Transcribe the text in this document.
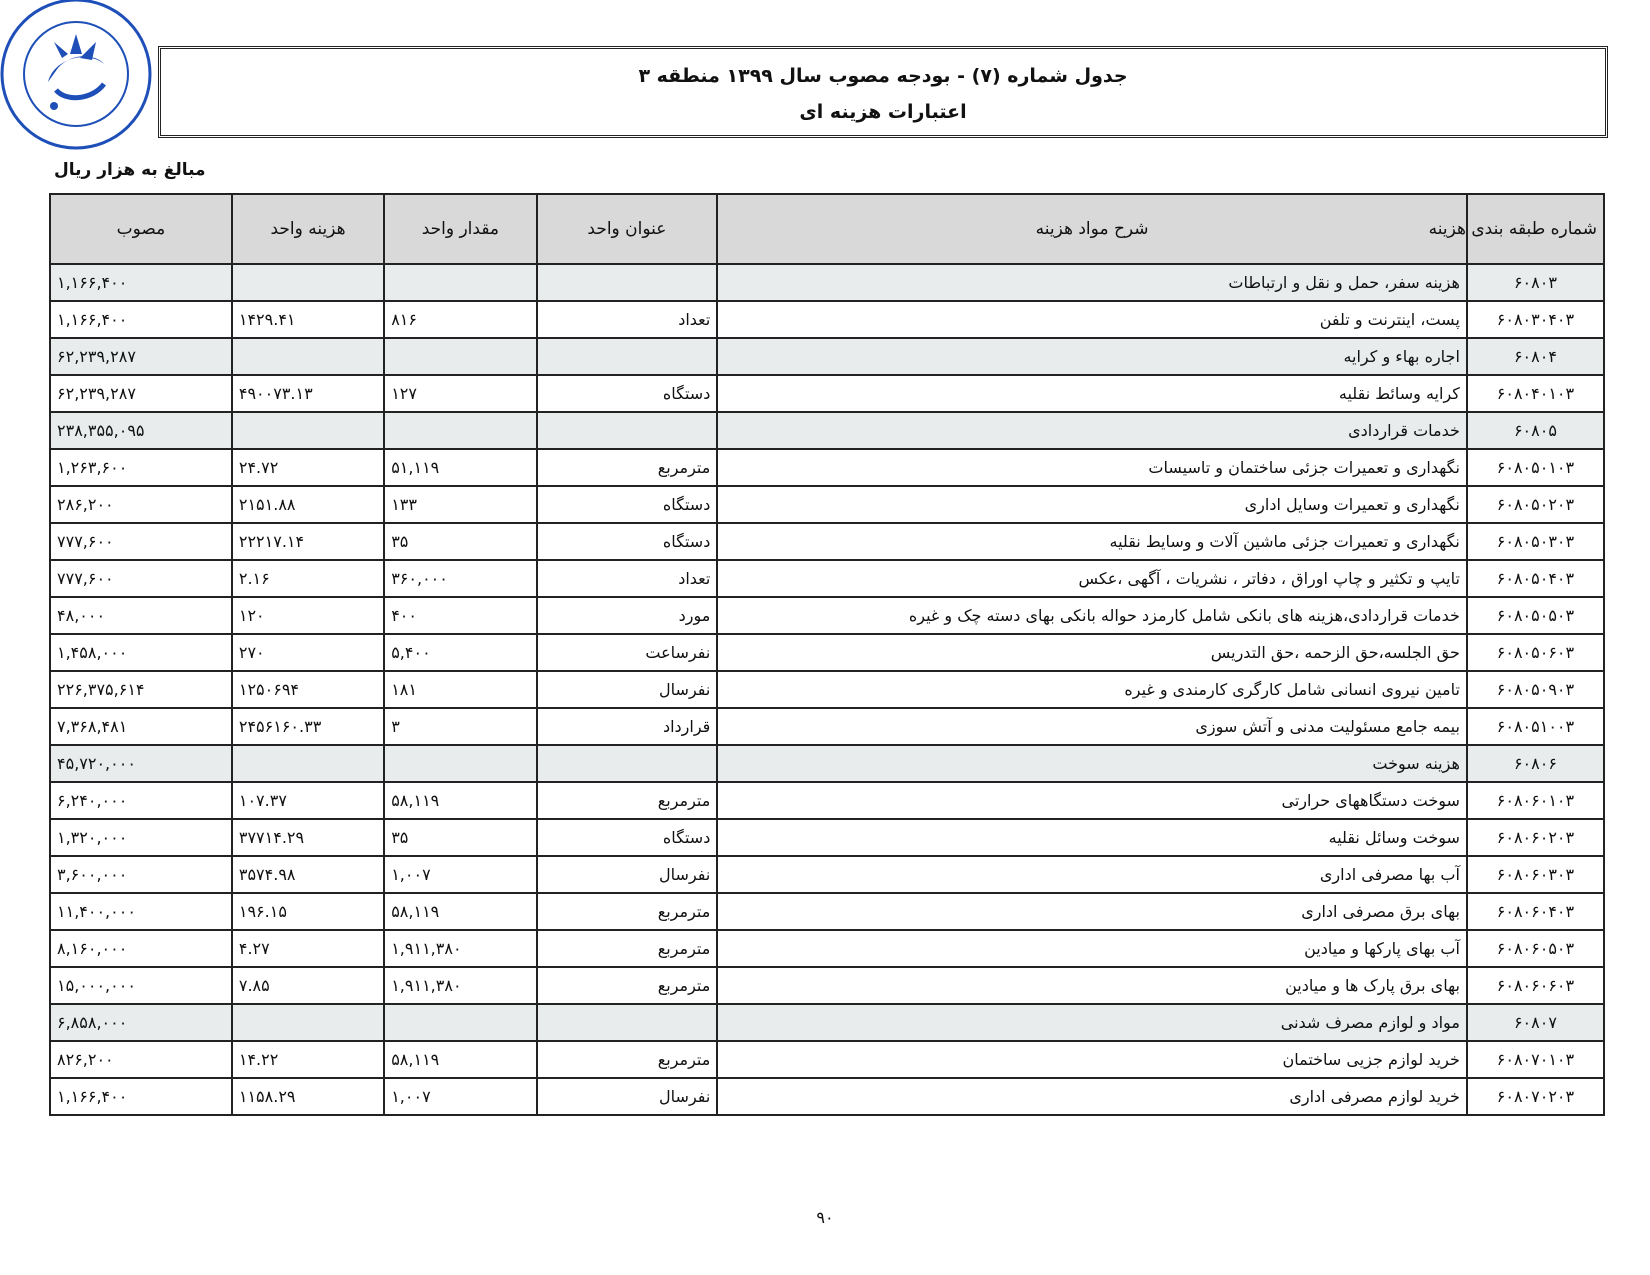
جدول شماره (۷) - بودجه مصوب سال ۱۳۹۹ منطقه ۳
اعتبارات هزینه ای
مبالغ به هزار ریال
شماره طبقه بندی هزینه	شرح مواد هزینه	عنوان واحد	مقدار واحد	هزینه واحد	مصوب
۶۰۸۰۳	هزینه سفر، حمل و نقل و ارتباطات				۱,۱۶۶,۴۰۰
۶۰۸۰۳۰۴۰۳	پست، اینترنت و تلفن	تعداد	۸۱۶	۱۴۲۹.۴۱	۱,۱۶۶,۴۰۰
۶۰۸۰۴	اجاره بهاء و کرایه				۶۲,۲۳۹,۲۸۷
۶۰۸۰۴۰۱۰۳	کرایه وسائط نقلیه	دستگاه	۱۲۷	۴۹۰۰۷۳.۱۳	۶۲,۲۳۹,۲۸۷
۶۰۸۰۵	خدمات قراردادی				۲۳۸,۳۵۵,۰۹۵
۶۰۸۰۵۰۱۰۳	نگهداری و تعمیرات جزئی ساختمان و تاسیسات	مترمربع	۵۱,۱۱۹	۲۴.۷۲	۱,۲۶۳,۶۰۰
۶۰۸۰۵۰۲۰۳	نگهداری و تعمیرات وسایل اداری	دستگاه	۱۳۳	۲۱۵۱.۸۸	۲۸۶,۲۰۰
۶۰۸۰۵۰۳۰۳	نگهداری و تعمیرات جزئی ماشین آلات و وسایط نقلیه	دستگاه	۳۵	۲۲۲۱۷.۱۴	۷۷۷,۶۰۰
۶۰۸۰۵۰۴۰۳	تایپ و تکثیر و چاپ اوراق ، دفاتر ، نشریات ، آگهی ،عکس	تعداد	۳۶۰,۰۰۰	۲.۱۶	۷۷۷,۶۰۰
۶۰۸۰۵۰۵۰۳	خدمات قراردادی،هزینه های بانکی شامل کارمزد حواله بانکی بهای دسته چک و غیره	مورد	۴۰۰	۱۲۰	۴۸,۰۰۰
۶۰۸۰۵۰۶۰۳	حق الجلسه،حق الزحمه ،حق التدریس	نفرساعت	۵,۴۰۰	۲۷۰	۱,۴۵۸,۰۰۰
۶۰۸۰۵۰۹۰۳	تامین نیروی انسانی شامل کارگری کارمندی و غیره	نفرسال	۱۸۱	۱۲۵۰۶۹۴	۲۲۶,۳۷۵,۶۱۴
۶۰۸۰۵۱۰۰۳	بیمه جامع مسئولیت مدنی و آتش سوزی	قرارداد	۳	۲۴۵۶۱۶۰.۳۳	۷,۳۶۸,۴۸۱
۶۰۸۰۶	هزینه سوخت				۴۵,۷۲۰,۰۰۰
۶۰۸۰۶۰۱۰۳	سوخت دستگاههای حرارتی	مترمربع	۵۸,۱۱۹	۱۰۷.۳۷	۶,۲۴۰,۰۰۰
۶۰۸۰۶۰۲۰۳	سوخت وسائل نقلیه	دستگاه	۳۵	۳۷۷۱۴.۲۹	۱,۳۲۰,۰۰۰
۶۰۸۰۶۰۳۰۳	آب بها مصرفی اداری	نفرسال	۱,۰۰۷	۳۵۷۴.۹۸	۳,۶۰۰,۰۰۰
۶۰۸۰۶۰۴۰۳	بهای برق مصرفی اداری	مترمربع	۵۸,۱۱۹	۱۹۶.۱۵	۱۱,۴۰۰,۰۰۰
۶۰۸۰۶۰۵۰۳	آب بهای پارکها و میادین	مترمربع	۱,۹۱۱,۳۸۰	۴.۲۷	۸,۱۶۰,۰۰۰
۶۰۸۰۶۰۶۰۳	بهای برق پارک ها و میادین	مترمربع	۱,۹۱۱,۳۸۰	۷.۸۵	۱۵,۰۰۰,۰۰۰
۶۰۸۰۷	مواد و لوازم مصرف شدنی				۶,۸۵۸,۰۰۰
۶۰۸۰۷۰۱۰۳	خرید لوازم جزیی ساختمان	مترمربع	۵۸,۱۱۹	۱۴.۲۲	۸۲۶,۲۰۰
۶۰۸۰۷۰۲۰۳	خرید لوازم مصرفی اداری	نفرسال	۱,۰۰۷	۱۱۵۸.۲۹	۱,۱۶۶,۴۰۰
۹۰
